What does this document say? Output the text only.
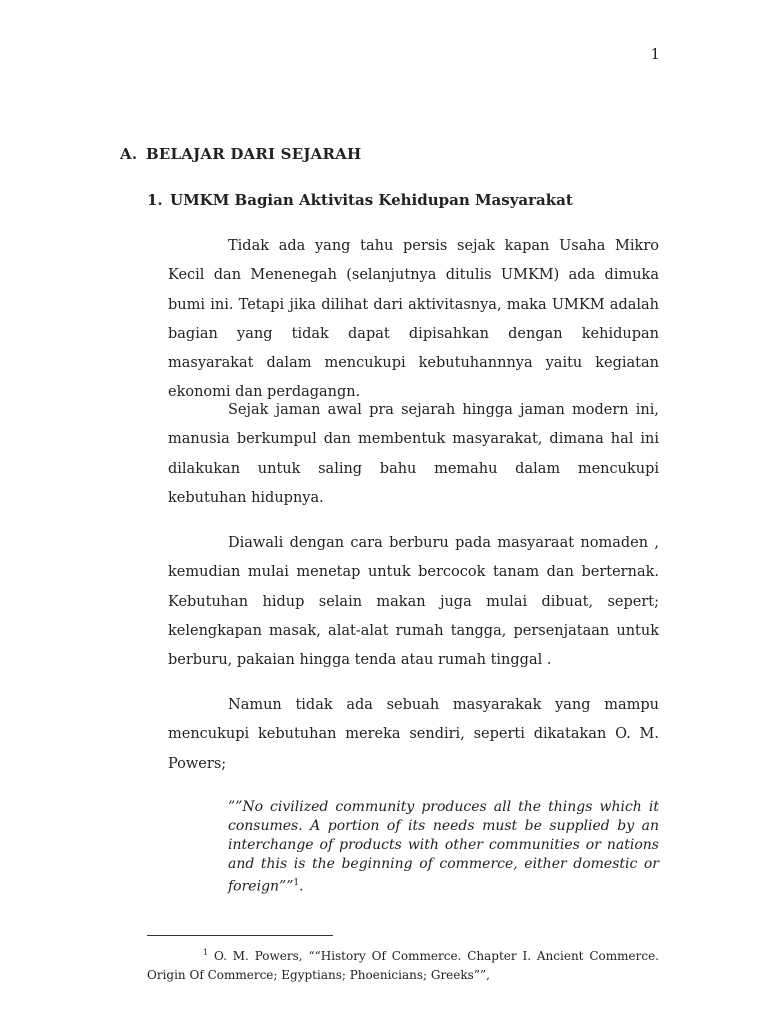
1
A. BELAJAR DARI SEJARAH
1. UMKM Bagian Aktivitas Kehidupan Masyarakat

Tidak ada yang tahu persis sejak kapan Usaha Mikro Kecil dan Menenegah (selanjutnya ditulis UMKM) ada dimuka bumi ini. Tetapi jika dilihat dari aktivitasnya, maka UMKM adalah bagian yang tidak dapat dipisahkan dengan kehidupan masyarakat dalam mencukupi kebutuhannnya yaitu kegiatan ekonomi dan perdagangn.

Sejak jaman awal pra sejarah hingga jaman modern ini, manusia berkumpul dan membentuk masyarakat, dimana hal ini dilakukan untuk saling bahu memahu dalam mencukupi kebutuhan hidupnya.

Diawali dengan cara berburu pada masyaraat nomaden , kemudian mulai menetap untuk bercocok tanam dan berternak. Kebutuhan hidup selain makan juga mulai dibuat, sepert; kelengkapan masak, alat-alat rumah tangga, persenjataan untuk berburu, pakaian hingga tenda atau rumah tinggal .

Namun tidak ada sebuah masyarakak yang mampu mencukupi kebutuhan mereka sendiri, seperti dikatakan O. M. Powers;

””No civilized community produces all the things which it consumes. A portion of its needs must be supplied by an interchange of products with other communities or nations and this is the beginning of commerce, either domestic or foreign””$^1$.

$^1$ O. M. Powers, ““History Of Commerce. Chapter I. Ancient Commerce. Origin Of Commerce; Egyptians; Phoenicians; Greeks””,
